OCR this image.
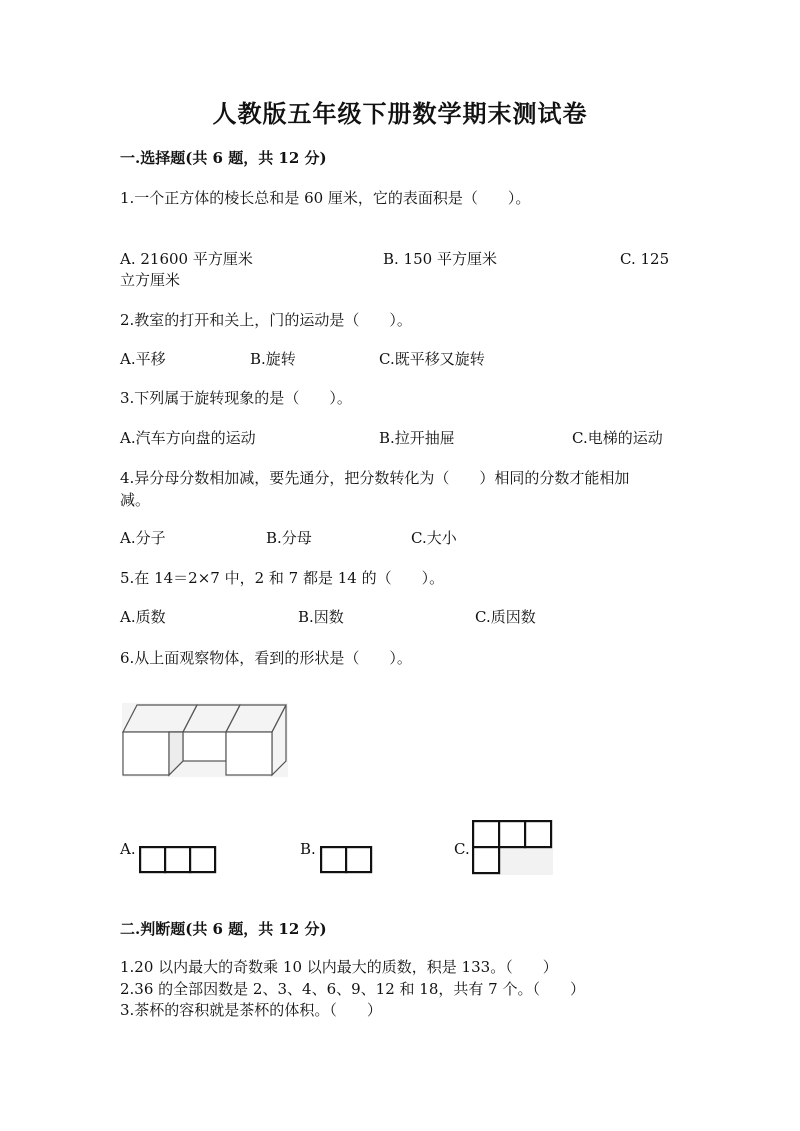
人教版五年级下册数学期末测试卷
一.选择题(共 6 题，共 12 分)
1.一个正方体的棱长总和是 60 厘米，它的表面积是（　　）。
A. 21600 平方厘米	B. 150 平方厘米	C. 125
立方厘米
2.教室的打开和关上，门的运动是（　　）。
A.平移	B.旋转	C.既平移又旋转
3.下列属于旋转现象的是（　　）。
A.汽车方向盘的运动	B.拉开抽屉	C.电梯的运动
4.异分母分数相加减，要先通分，把分数转化为（　　）相同的分数才能相加
减。
A.分子	B.分母	C.大小
5.在 14＝2×7 中，2 和 7 都是 14 的（　　）。
A.质数	B.因数	C.质因数
6.从上面观察物体，看到的形状是（　　）。
A.	B.	C.
二.判断题(共 6 题，共 12 分)
1.20 以内最大的奇数乘 10 以内最大的质数，积是 133。（　　）
2.36 的全部因数是 2、3、4、6、9、12 和 18，共有 7 个。（　　）
3.茶杯的容积就是茶杯的体积。（　　）
